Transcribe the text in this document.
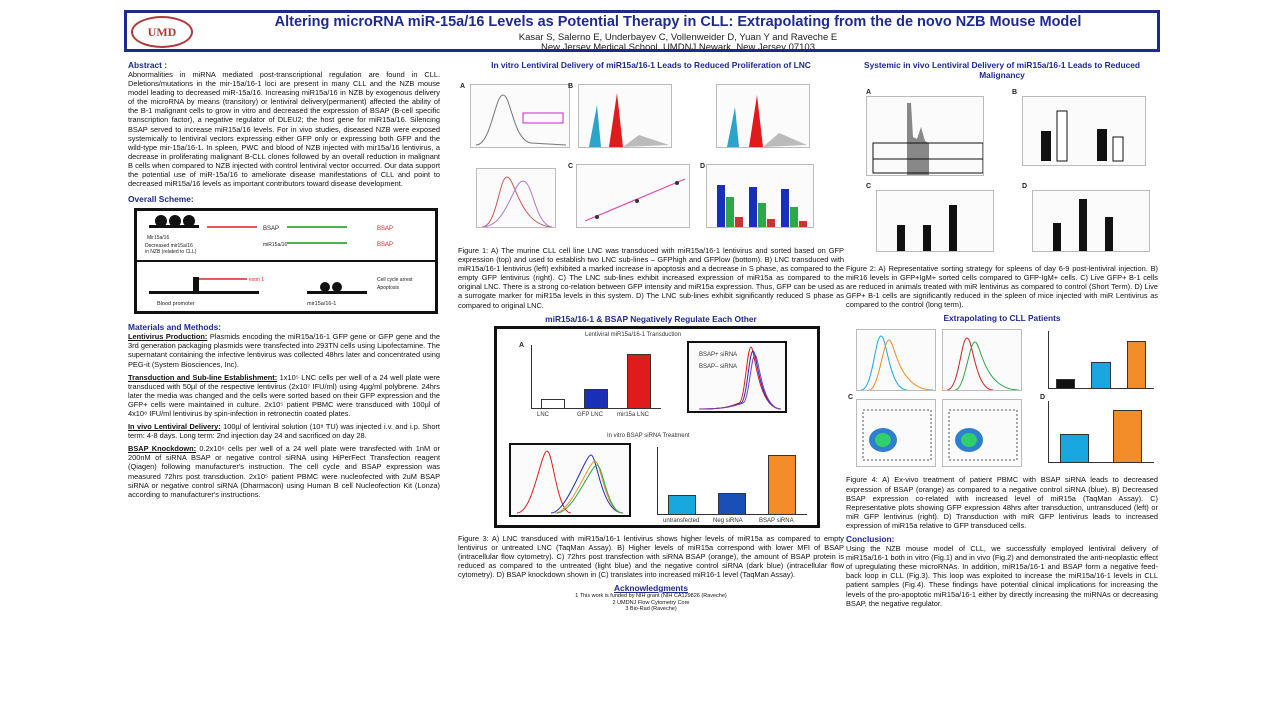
UMD
Altering microRNA miR-15a/16 Levels as Potential Therapy in CLL: Extrapolating from the de novo NZB Mouse Model
Kasar S, Salerno E, Underbayev C, Vollenweider D, Yuan Y and Raveche E
New Jersey Medical School, UMDNJ Newark, New Jersey 07103
Abstract :

Abnormalities in miRNA mediated post-transcriptional regulation are found in CLL. Deletions/mutations in the mir-15a/16-1 loci are present in many CLL and the NZB mouse model leading to decreased miR-15a/16. Increasing miR15a/16 in NZB by exogenous delivery of the microRNA by means (transitory) or lentiviral delivery(permanent) affected the ability of the B-1 malignant cells to grow in vitro and decreased the expression of BSAP (B-cell specific transcription factor), a negative regulator of DLEU2; the host gene for miR15a/16. Silencing BSAP served to increase miR15a/16 levels. For in vivo studies, diseased NZB were exposed systemically to lentiviral vectors expressing either GFP only or expressing both GFP and the wild-type mir-15a/16-1. In spleen, PWC and blood of NZB injected with mir15a/16 lentivirus, a decrease in proliferating malignant B-CLL clones followed by an overall reduction in malignant B cells when compared to NZB injected with control lentiviral vector occurred. Our data support the potential use of miR-15a/16 to ameliorate disease manifestations of CLL and point to decreased miR15a/16 levels as important contributors toward disease development.

Overall Scheme:
Mir15a/16
Decreased mir15a/16
in NZB (related to CLL)
BSAP	BSAP
BSAP
exon 1
Blood promoter	mir15a/16-1
Cell cycle arrest
Apoptosis
miR15a/16
Materials and Methods:

Lentivirus Production: Plasmids encoding the miR15a/16-1 GFP gene or GFP gene and the 3rd generation packaging plasmids were transfected into 293TN cells using Lipofectamine. The supernatant containing the infective lentivirus was collected 48hrs later and concentrated using PEG-it (System Biosciences, Inc).

Transduction and Sub-line Establishment: 1x10⁵ LNC cells per well of a 24 well plate were transduced with 50µl of the respective lentivirus (2x10⁷ IFU/ml) using 4µg/ml polybrene. 24hrs later the media was changed and the cells were sorted based on their GFP expression and the GFP+ cells were maintained in culture. 2x10⁵ patient PBMC were transduced with 100µl of 4x10⁸ IFU/ml lentivirus by spin-infection in retronectin coated plates.

In vivo Lentiviral Delivery: 100µl of lentiviral solution (10⁸ TU) was injected i.v. and i.p. Short term: 4-8 days. Long term: 2nd injection day 24 and sacrificed on day 28.

BSAP Knockdown: 0.2x10⁶ cells per well of a 24 well plate were transfected with 1nM or 200nM of siRNA BSAP or negative control siRNA using HiPerFect Transfection reagent (Qiagen) following manufacturer's instruction. The cell cycle and BSAP expression was measured 72hrs post transduction. 2x10⁵ patient PBMC were nucleofected with 2uM BSAP siRNA or negative control siRNA (Dharmacon) using Human B cell Nucleofection Kit (Lonza) according to manufacturer's instructions.

In vitro Lentiviral Delivery of miR15a/16-1 Leads to Reduced Proliferation of LNC
A	B
C	D

Figure 1: A) The murine CLL cell line LNC was transduced with miR15a/16-1 lentivirus and sorted based on GFP expression (top) and used to establish two LNC sub-lines – GFPhigh and GFPlow (bottom). B) LNC transduced with miR15a/16-1 lentivirus (left) exhibited a marked increase in apoptosis and a decrease in S phase, as compared to the empty GFP lentivirus (right). C) The LNC sub-lines exhibit increased expression of miR15a as compared to the original LNC. There is a strong co-relation between GFP intensity and miR15a expression. Thus, GFP can be used as a surrogate marker for miR15a levels in this system. D) The LNC sub-lines exhibit significantly reduced S phase as compared to original LNC.

miR15a/16-1 & BSAP Negatively Regulate Each Other
Lentiviral miR15a/16-1 Transduction
A
LNC	GFP LNC mir15a LNC
BSAP+ siRNA
BSAP– siRNA
In vitro BSAP siRNA Treatment
untransfected Neg siRNA	BSAP siRNA

Figure 3: A) LNC transduced with miR15a/16-1 lentivirus shows higher levels of miR15a as compared to empty lentivirus or untreated LNC (TaqMan Assay). B) Higher levels of miR15a correspond with lower MFI of BSAP (intracellular flow cytometry). C) 72hrs post transfection with siRNA BSAP (orange), the amount of BSAP protein is reduced as compared to the untreated (light blue) and the negative control siRNA (dark blue) (intracellular flow cytometry). D) BSAP knockdown shown in (C) translates into increased miR16-1 level (TaqMan Assay).

Acknowledgments
1 This work is funded by NIH grant (NIH CA129826 (Raveche)
2 UMDNJ Flow Cytometry Core
3 Bio-Rad (Raveche)
Systemic in vivo Lentiviral Delivery of miR15a/16-1 Leads to Reduced Malignancy
A	B
C	D

Figure 2: A) Representative sorting strategy for spleens of day 6-9 post-lentiviral injection. B) miR16 levels in GFP+IgM+ sorted cells compared to GFP-IgM+ cells. C) Live GFP+ B-1 cells are reduced in animals treated with miR lentivirus as compared to control (Short Term). D) Live GFP+ B-1 cells are significantly reduced in the spleen of mice injected with miR Lentivirus as compared to the control (long term).

Extrapolating to CLL Patients
C	D

Figure 4: A) Ex-vivo treatment of patient PBMC with BSAP siRNA leads to decreased expression of BSAP (orange) as compared to a negative control siRNA (blue). B) Decreased BSAP expression co-related with increased level of miR15a (TaqMan Assay). C) Representative plots showing GFP expression 48hrs after transduction, untransduced (left) or miR GFP lentivirus (right). D) Transduction with miR GFP lentivirus leads to increased expression of miR15a relative to GFP transduced cells.

Conclusion:

Using the NZB mouse model of CLL, we successfully employed lentiviral delivery of miR15a/16-1 both in vitro (Fig.1) and in vivo (Fig.2) and demonstrated the anti-neoplastic effect of upregulating these microRNAs. In addition, miR15a/16-1 and BSAP form a negative feed-back loop in CLL (Fig.3). This loop was exploited to increase the miR15a/16-1 levels in CLL patient samples (Fig.4). These findings have potential clinical implications for increasing the levels of the pro-apoptotic miR15a/16-1 either by directly increasing the miRNAs or decreasing BSAP, the negative regulator.
